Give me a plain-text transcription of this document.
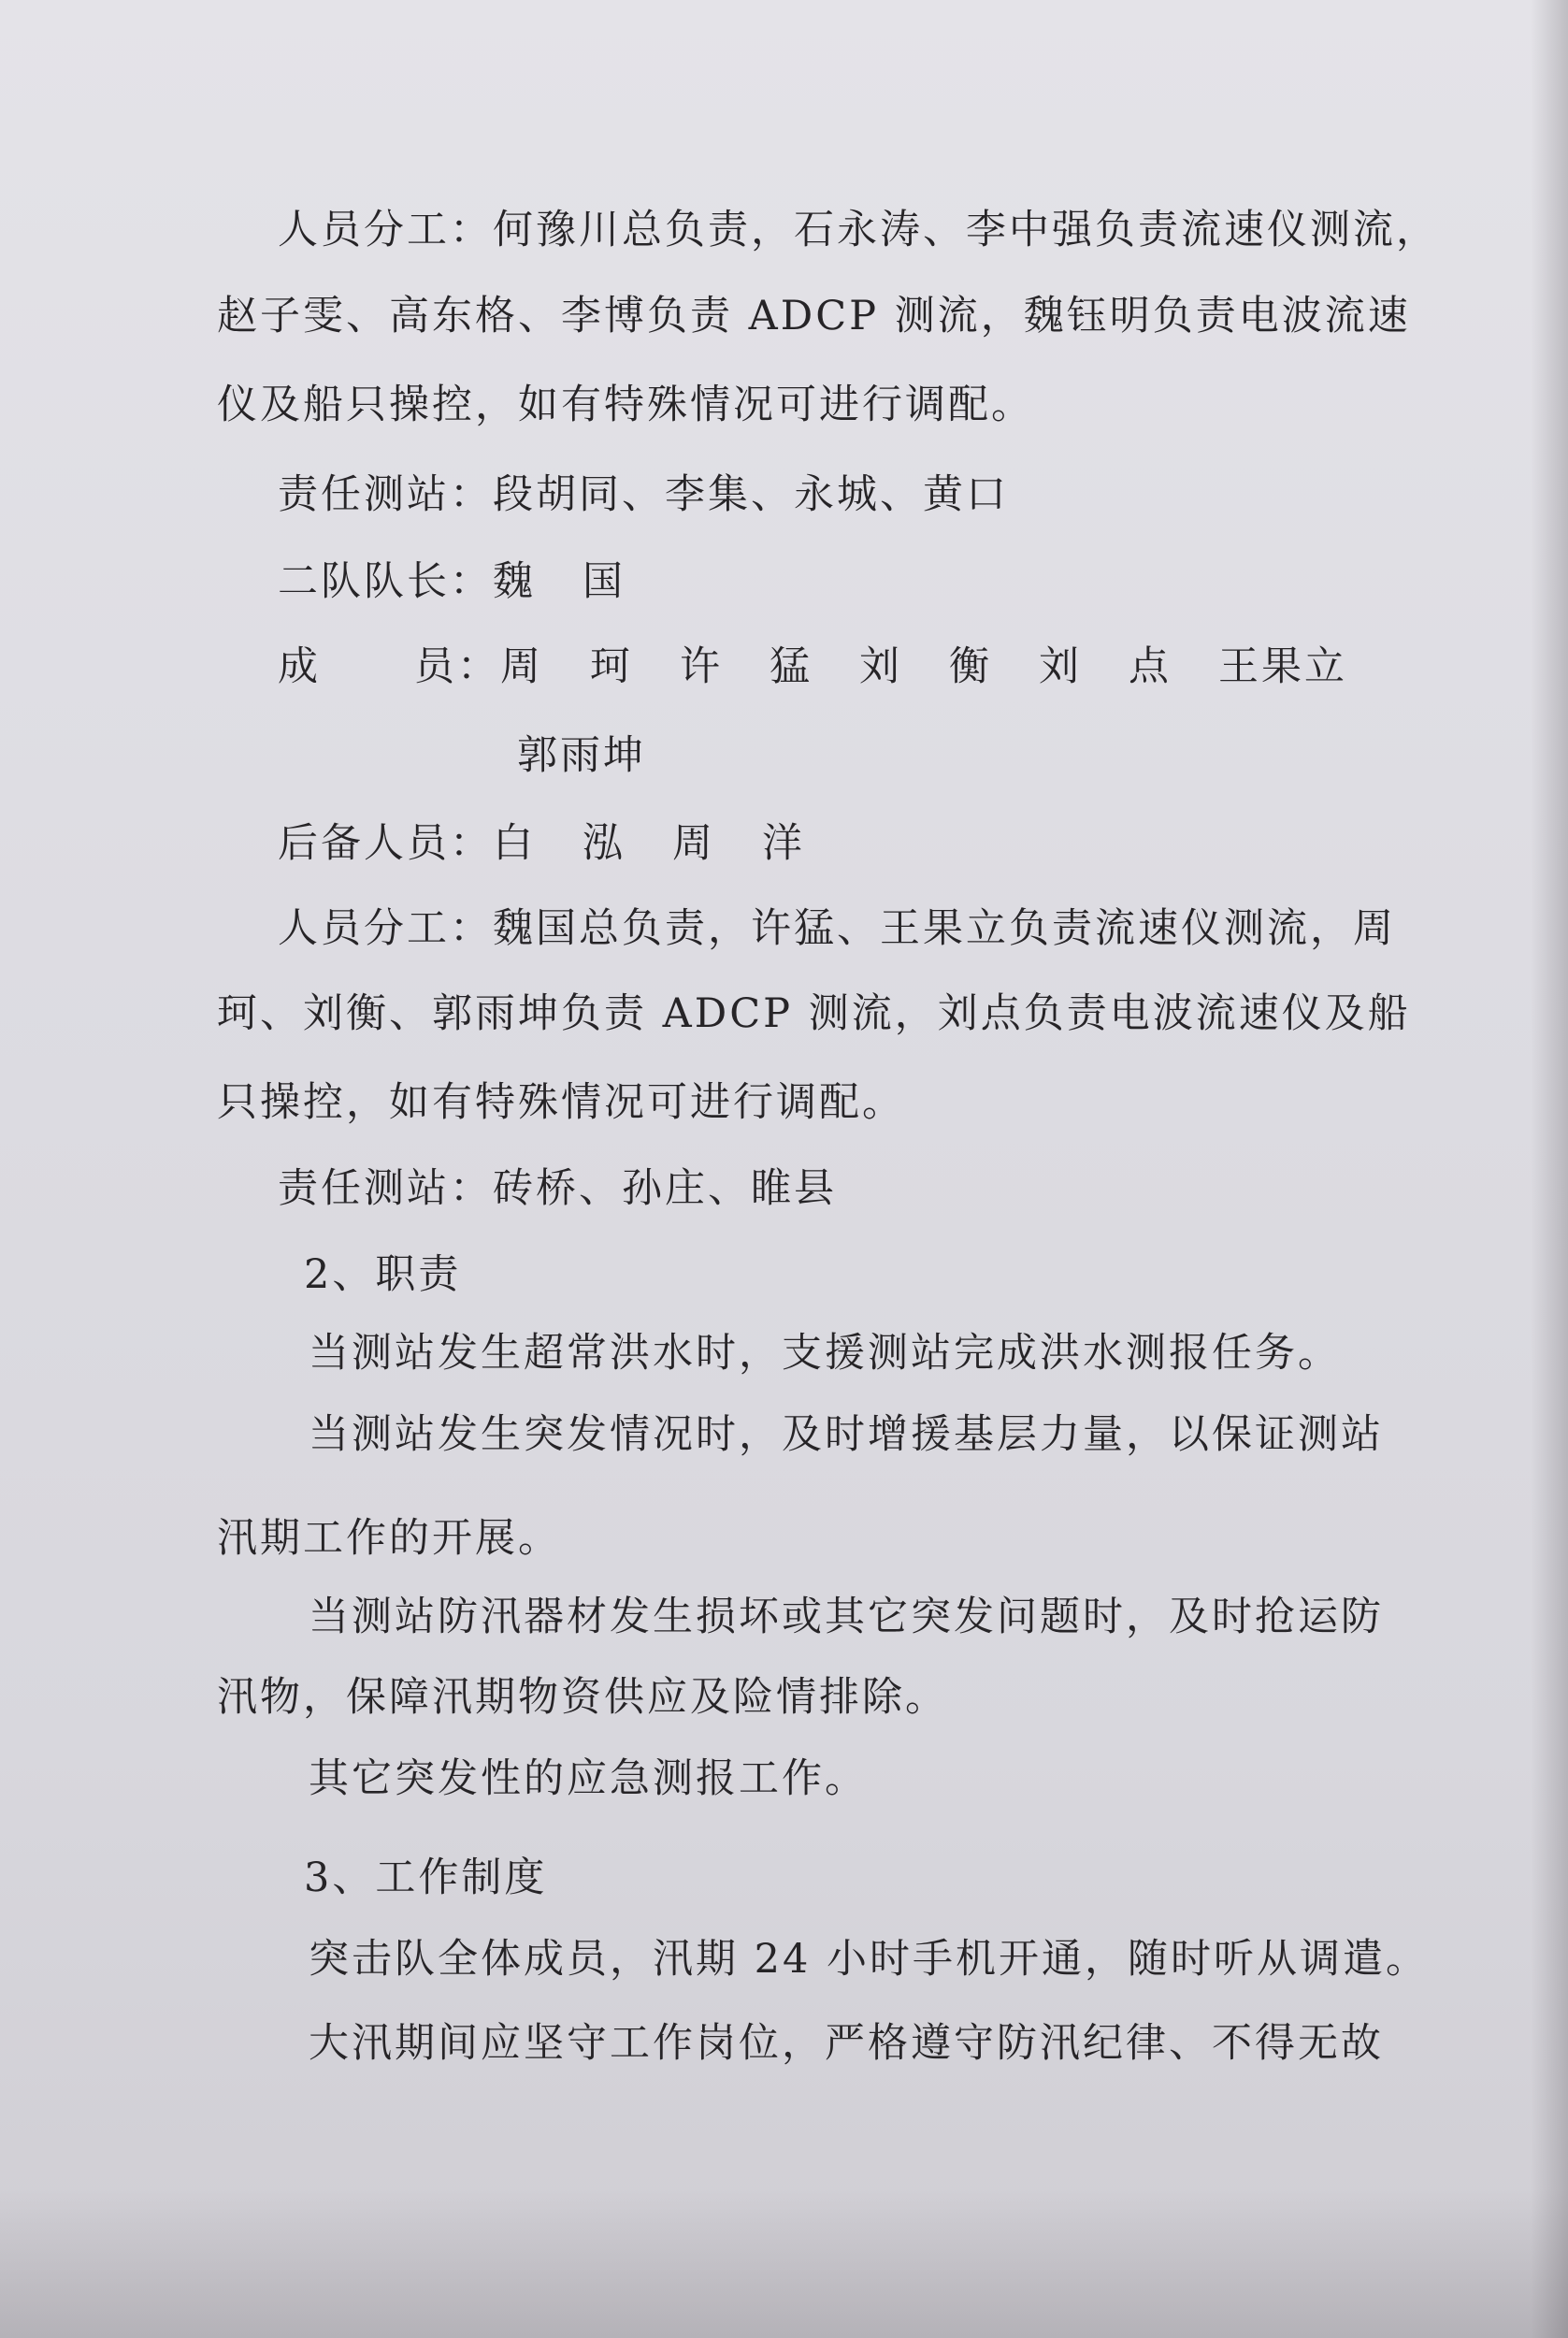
人员分工：何豫川总负责，石永涛、李中强负责流速仪测流，
赵子雯、高东格、李博负责 ADCP 测流，魏钰明负责电波流速
仪及船只操控，如有特殊情况可进行调配。
责任测站：段胡同、李集、永城、黄口
二队队长：魏   国
成      员：周   珂   许   猛   刘   衡   刘   点   王果立
郭雨坤
后备人员：白   泓   周   洋
人员分工：魏国总负责，许猛、王果立负责流速仪测流，周
珂、刘衡、郭雨坤负责 ADCP 测流，刘点负责电波流速仪及船
只操控，如有特殊情况可进行调配。
责任测站：砖桥、孙庄、睢县
2、职责
当测站发生超常洪水时，支援测站完成洪水测报任务。
当测站发生突发情况时，及时增援基层力量，以保证测站
汛期工作的开展。
当测站防汛器材发生损坏或其它突发问题时，及时抢运防
汛物，保障汛期物资供应及险情排除。
其它突发性的应急测报工作。
3、工作制度
突击队全体成员，汛期 24 小时手机开通，随时听从调遣。
大汛期间应坚守工作岗位，严格遵守防汛纪律、不得无故
